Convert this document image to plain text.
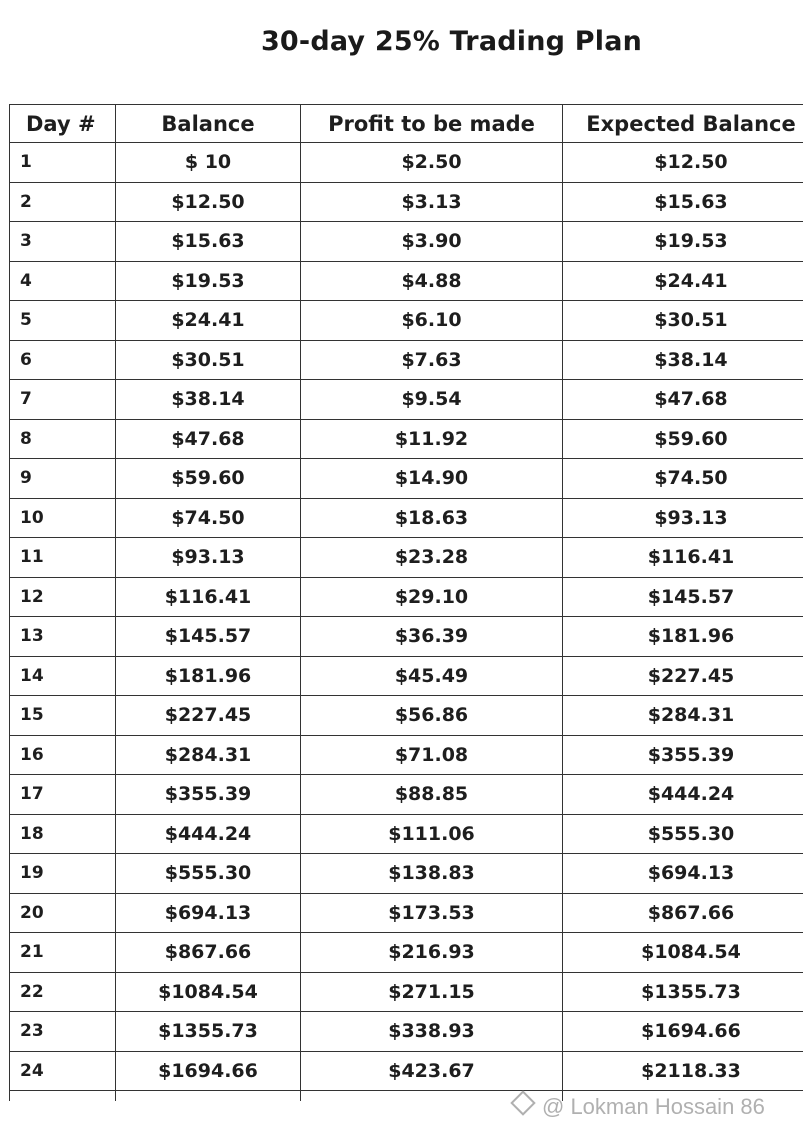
30-day 25% Trading Plan
Day #	Balance	Profit to be made	Expected Balance
1	$ 10	$2.50	$12.50
2	$12.50	$3.13	$15.63
3	$15.63	$3.90	$19.53
4	$19.53	$4.88	$24.41
5	$24.41	$6.10	$30.51
6	$30.51	$7.63	$38.14
7	$38.14	$9.54	$47.68
8	$47.68	$11.92	$59.60
9	$59.60	$14.90	$74.50
10	$74.50	$18.63	$93.13
11	$93.13	$23.28	$116.41
12	$116.41	$29.10	$145.57
13	$145.57	$36.39	$181.96
14	$181.96	$45.49	$227.45
15	$227.45	$56.86	$284.31
16	$284.31	$71.08	$355.39
17	$355.39	$88.85	$444.24
18	$444.24	$111.06	$555.30
19	$555.30	$138.83	$694.13
20	$694.13	$173.53	$867.66
21	$867.66	$216.93	$1084.54
22	$1084.54	$271.15	$1355.73
23	$1355.73	$338.93	$1694.66
24	$1694.66	$423.67	$2118.33

@ Lokman Hossain 86
